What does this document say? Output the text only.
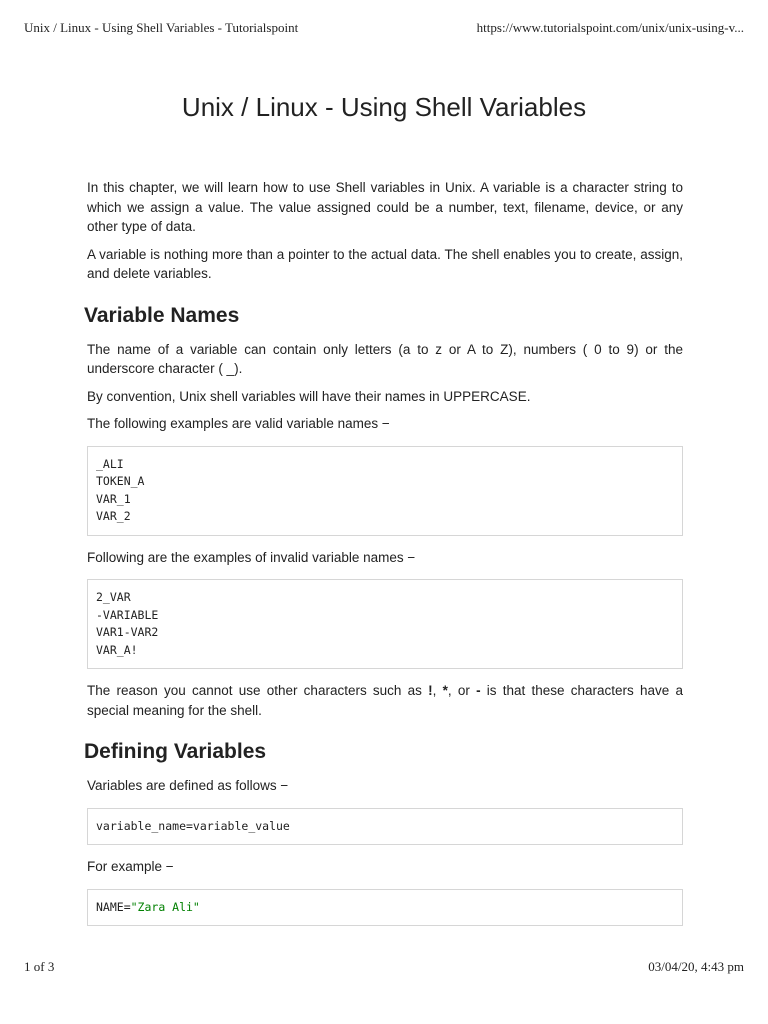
Unix / Linux - Using Shell Variables - Tutorialspoint	https://www.tutorialspoint.com/unix/unix-using-v...
Unix / Linux - Using Shell Variables

In this chapter, we will learn how to use Shell variables in Unix. A variable is a character string to which we assign a value. The value assigned could be a number, text, filename, device, or any other type of data.

A variable is nothing more than a pointer to the actual data. The shell enables you to create, assign, and delete variables.

Variable Names

The name of a variable can contain only letters (a to z or A to Z), numbers ( 0 to 9) or the underscore character ( _).

By convention, Unix shell variables will have their names in UPPERCASE.

The following examples are valid variable names −

_ALI
TOKEN_A
VAR_1
VAR_2

Following are the examples of invalid variable names −

2_VAR
-VARIABLE
VAR1-VAR2
VAR_A!

The reason you cannot use other characters such as !, *, or - is that these characters have a special meaning for the shell.

Defining Variables

Variables are defined as follows −

variable_name=variable_value

For example −

NAME="Zara Ali"
1 of 3	03/04/20, 4:43 pm
